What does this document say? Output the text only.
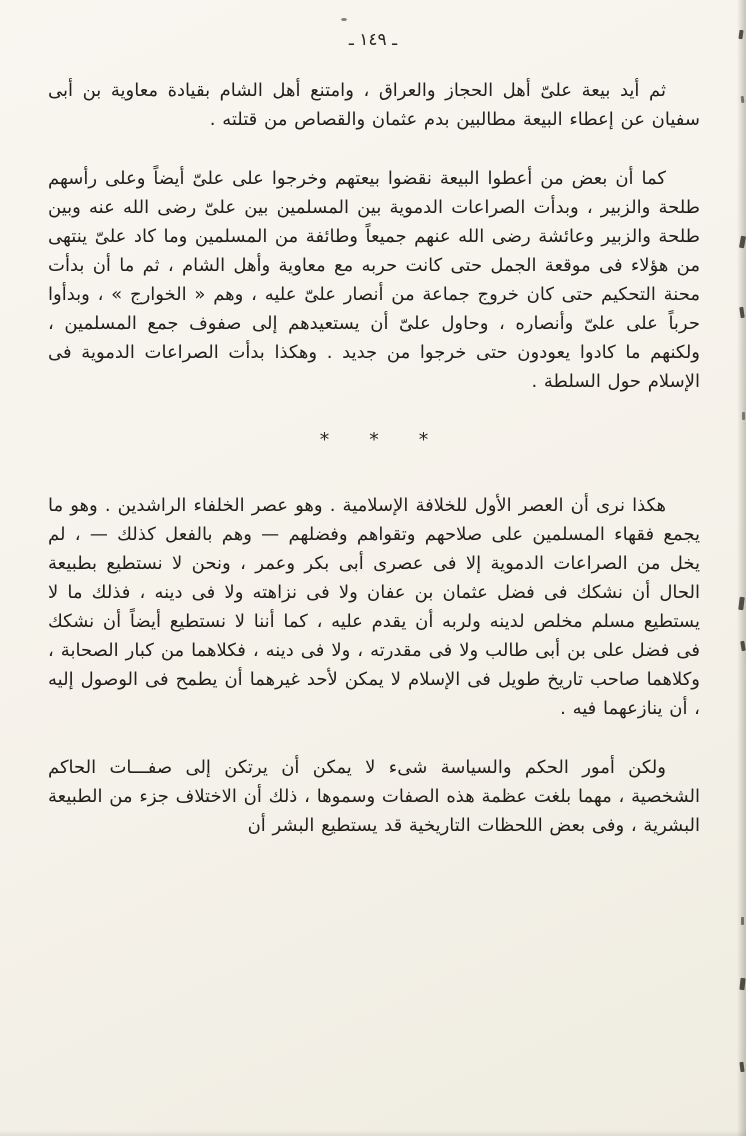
ـ ١٤٩ ـ

ثم أيد بيعة علىّ أهل الحجاز والعراق ، وامتنع أهل الشام بقيادة معاوية بن أبى سفيان عن إعطاء البيعة مطالبين بدم عثمان والقصاص من قتلته .

كما أن بعض من أعطوا البيعة نقضوا بيعتهم وخرجوا على علىّ أيضاً وعلى رأسهم طلحة والزبير ، وبدأت الصراعات الدموية بين المسلمين بين علىّ رضى الله عنه وبين طلحة والزبير وعائشة رضى الله عنهم جميعاً وطائفة من المسلمين وما كاد علىّ ينتهى من هؤلاء فى موقعة الجمل حتى كانت حربه مع معاوية وأهل الشام ، ثم ما أن بدأت محنة التحكيم حتى كان خروج جماعة من أنصار علىّ عليه ، وهم « الخوارج » ، وبدأوا حرباً على علىّ وأنصاره ، وحاول علىّ أن يستعيدهم إلى صفوف جمع المسلمين ، ولكنهم ما كادوا يعودون حتى خرجوا من جديد . وهكذا بدأت الصراعات الدموية فى الإسلام حول السلطة .

* * *

هكذا نرى أن العصر الأول للخلافة الإسلامية . وهو عصر الخلفاء الراشدين . وهو ما يجمع فقهاء المسلمين على صلاحهم وتقواهم وفضلهم — وهم بالفعل كذلك — ، لم يخل من الصراعات الدموية إلا فى عصرى أبى بكر وعمر ، ونحن لا نستطيع بطبيعة الحال أن نشكك فى فضل عثمان بن عفان ولا فى نزاهته ولا فى دينه ، فذلك ما لا يستطيع مسلم مخلص لدينه ولربه أن يقدم عليه ، كما أننا لا نستطيع أيضاً أن نشكك فى فضل على بن أبى طالب ولا فى مقدرته ، ولا فى دينه ، فكلاهما من كبار الصحابة ، وكلاهما صاحب تاريخ طويل فى الإسلام لا يمكن لأحد غيرهما أن يطمح فى الوصول إليه ، أن ينازعهما فيه .

ولكن أمور الحكم والسياسة شىء لا يمكن أن يرتكن إلى صفـــات الحاكم الشخصية ، مهما بلغت عظمة هذه الصفات وسموها ، ذلك أن الاختلاف جزء من الطبيعة البشرية ، وفى بعض اللحظات التاريخية قد يستطيع البشر أن
